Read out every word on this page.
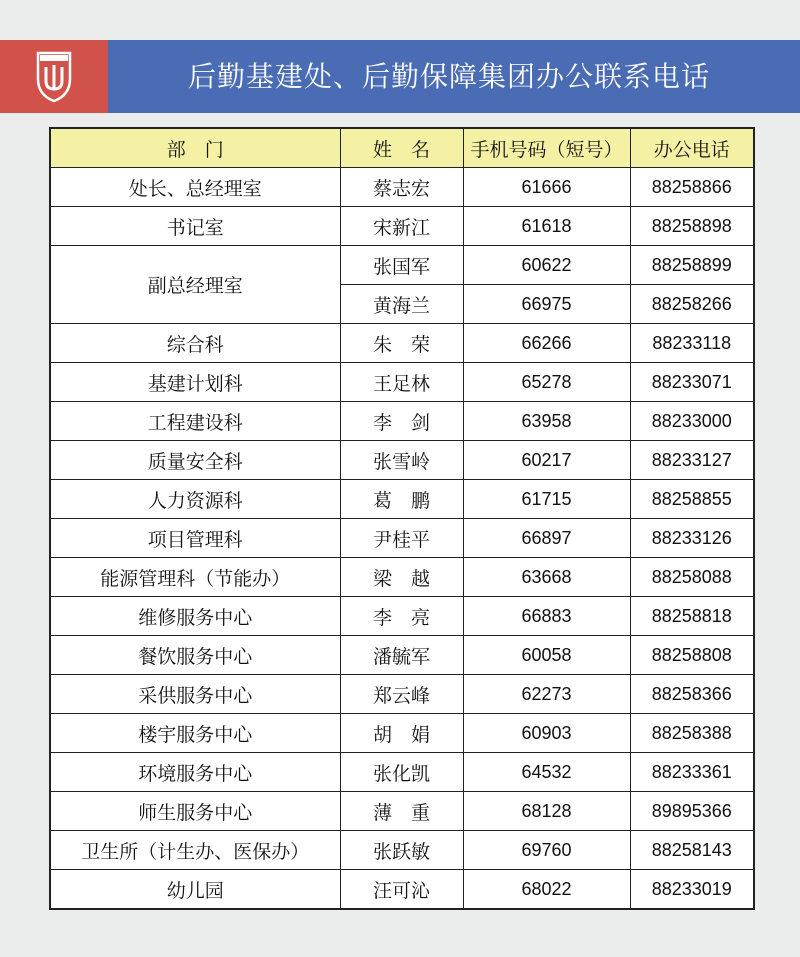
后勤基建处、后勤保障集团办公联系电话
部　门	姓　名	手机号码（短号）	办公电话
处长、总经理室	蔡志宏	61666	88258866
书记室	宋新江	61618	88258898
副总经理室	张国军	60622	88258899
	黄海兰	66975	88258266
综合科	朱　荣	66266	88233118
基建计划科	王足林	65278	88233071
工程建设科	李　剑	63958	88233000
质量安全科	张雪岭	60217	88233127
人力资源科	葛　鹏	61715	88258855
项目管理科	尹桂平	66897	88233126
能源管理科（节能办）	梁　越	63668	88258088
维修服务中心	李　亮	66883	88258818
餐饮服务中心	潘毓军	60058	88258808
采供服务中心	郑云峰	62273	88258366
楼宇服务中心	胡　娟	60903	88258388
环境服务中心	张化凯	64532	88233361
师生服务中心	薄　重	68128	89895366
卫生所（计生办、医保办）	张跃敏	69760	88258143
幼儿园	汪可沁	68022	88233019
